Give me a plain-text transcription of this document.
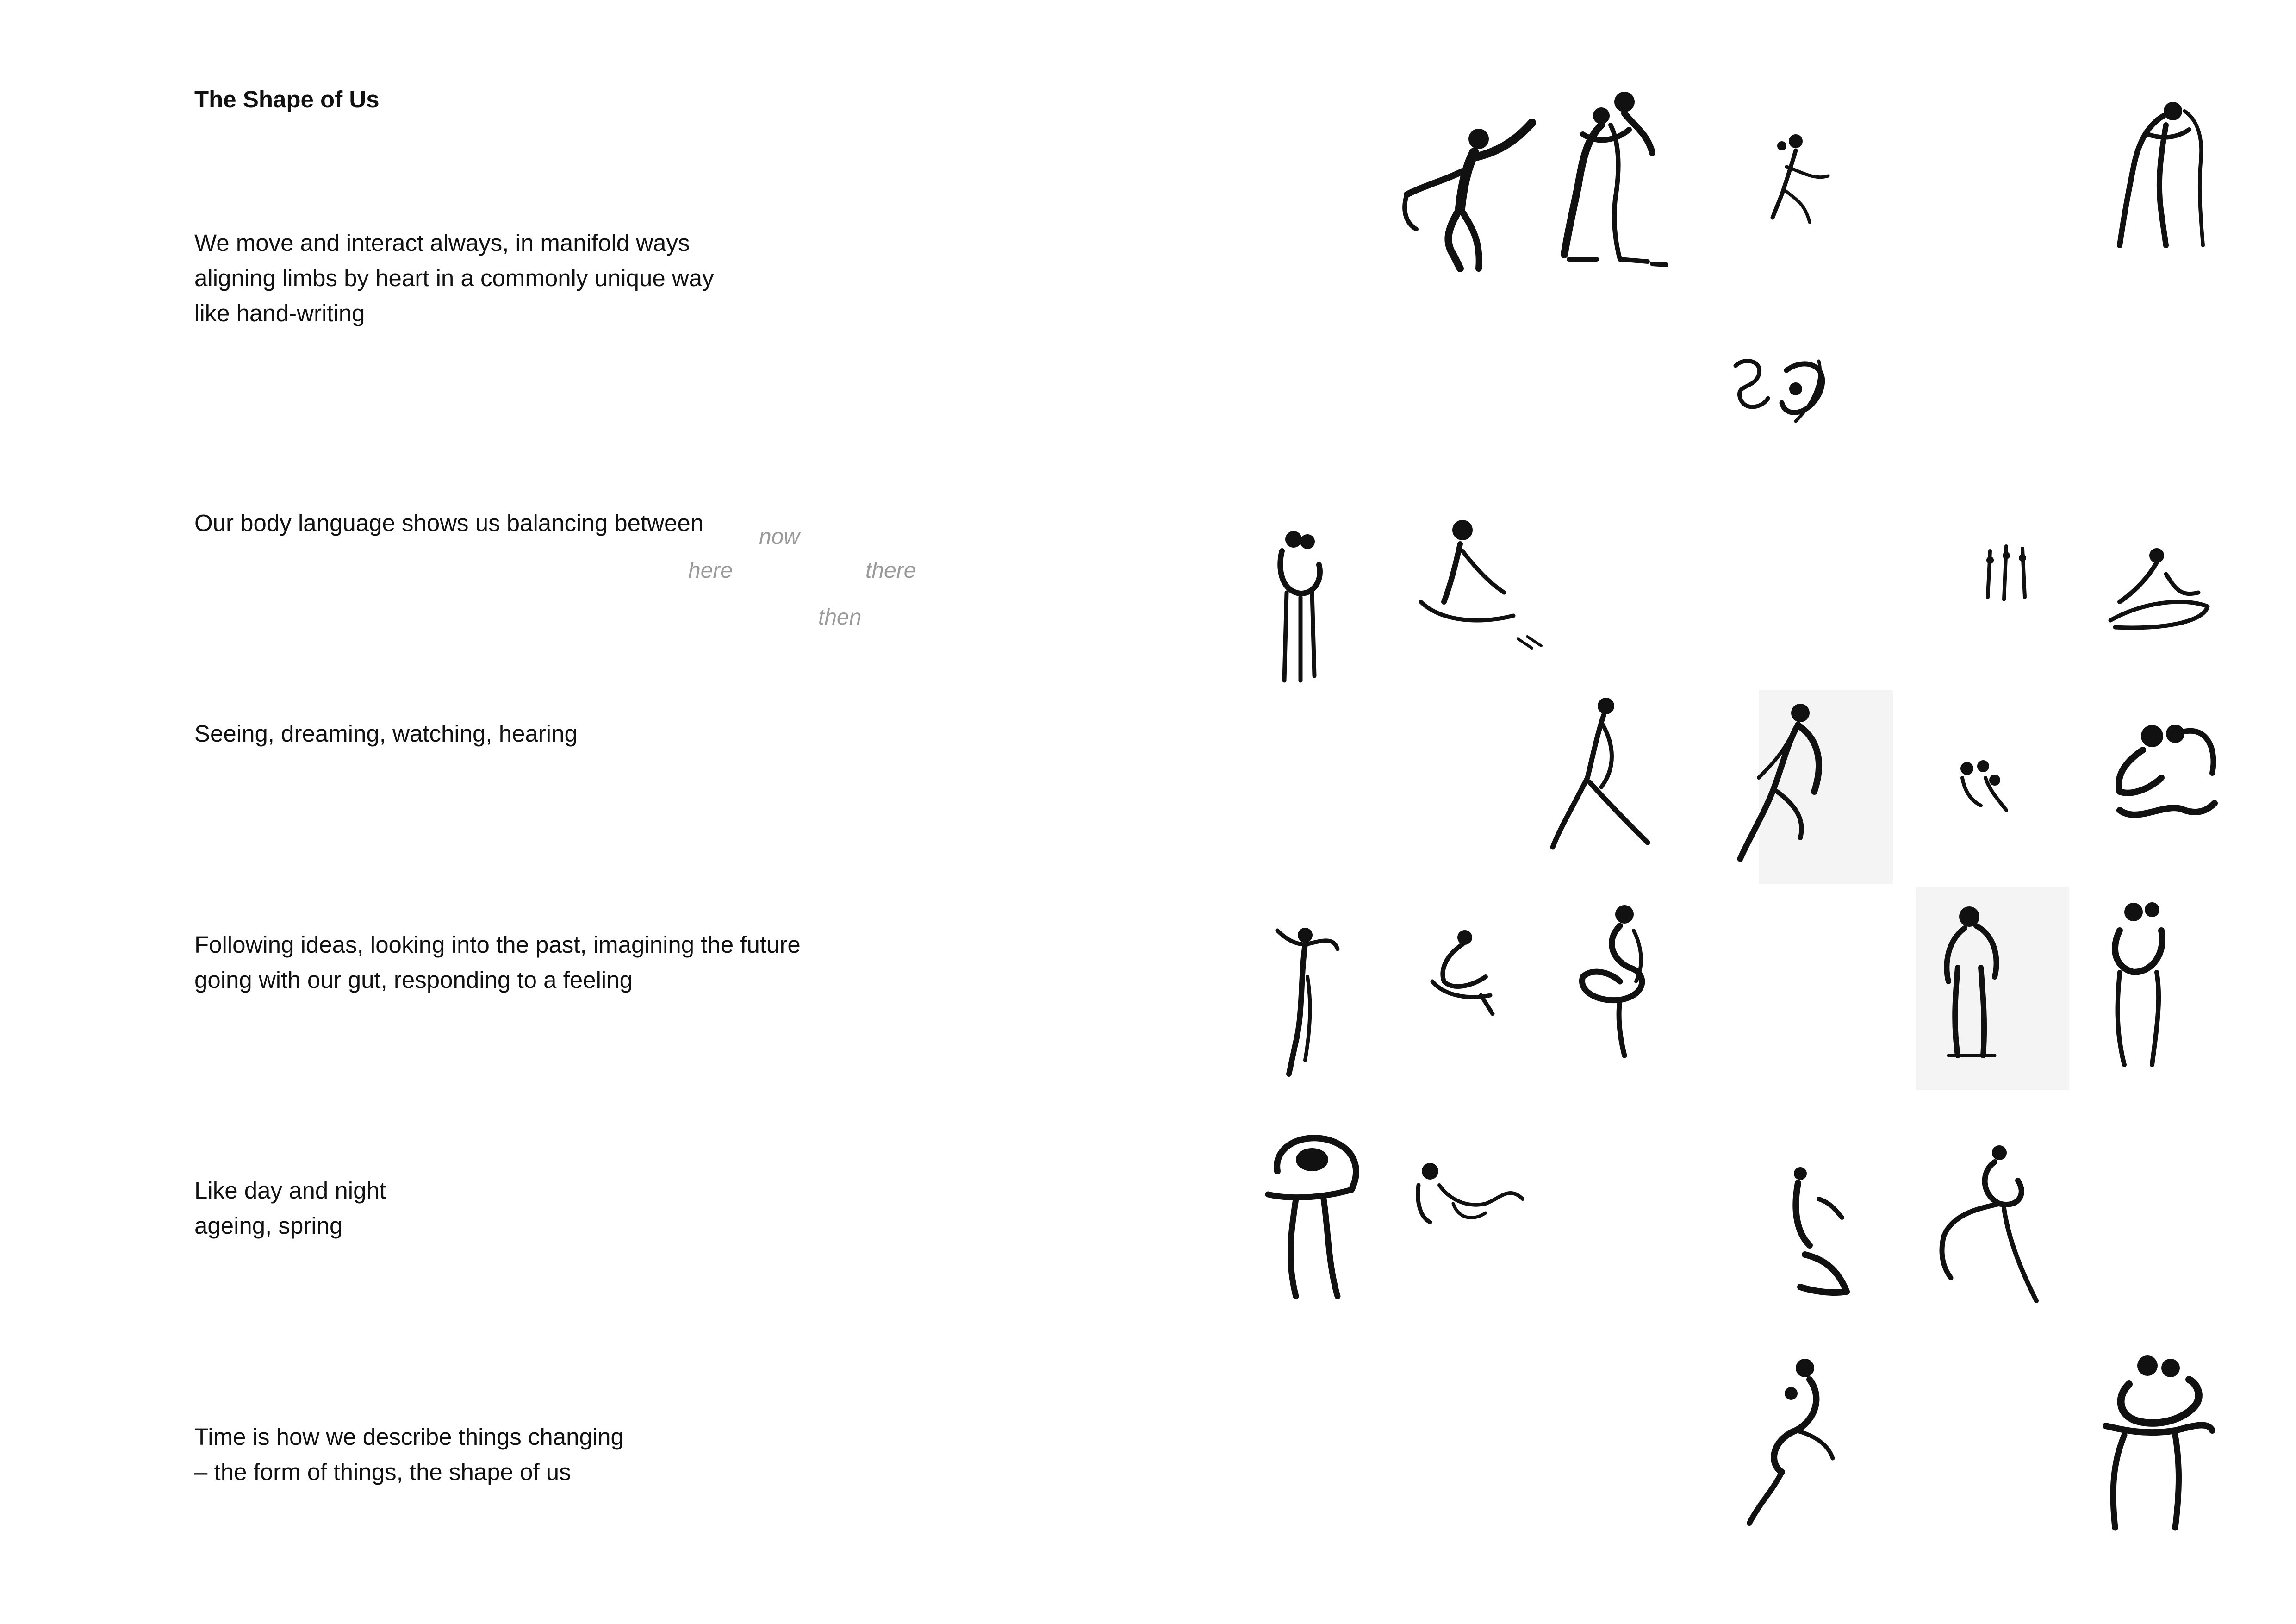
The Shape of Us
We move and interact always, in manifold ways
aligning limbs by heart in a commonly unique way
like hand-writing
Our body language shows us balancing between
now
here	there
then
Seeing, dreaming, watching, hearing
Following ideas, looking into the past, imagining the future
going with our gut, responding to a feeling
Like day and night
ageing, spring
Time is how we describe things changing
– the form of things, the shape of us
